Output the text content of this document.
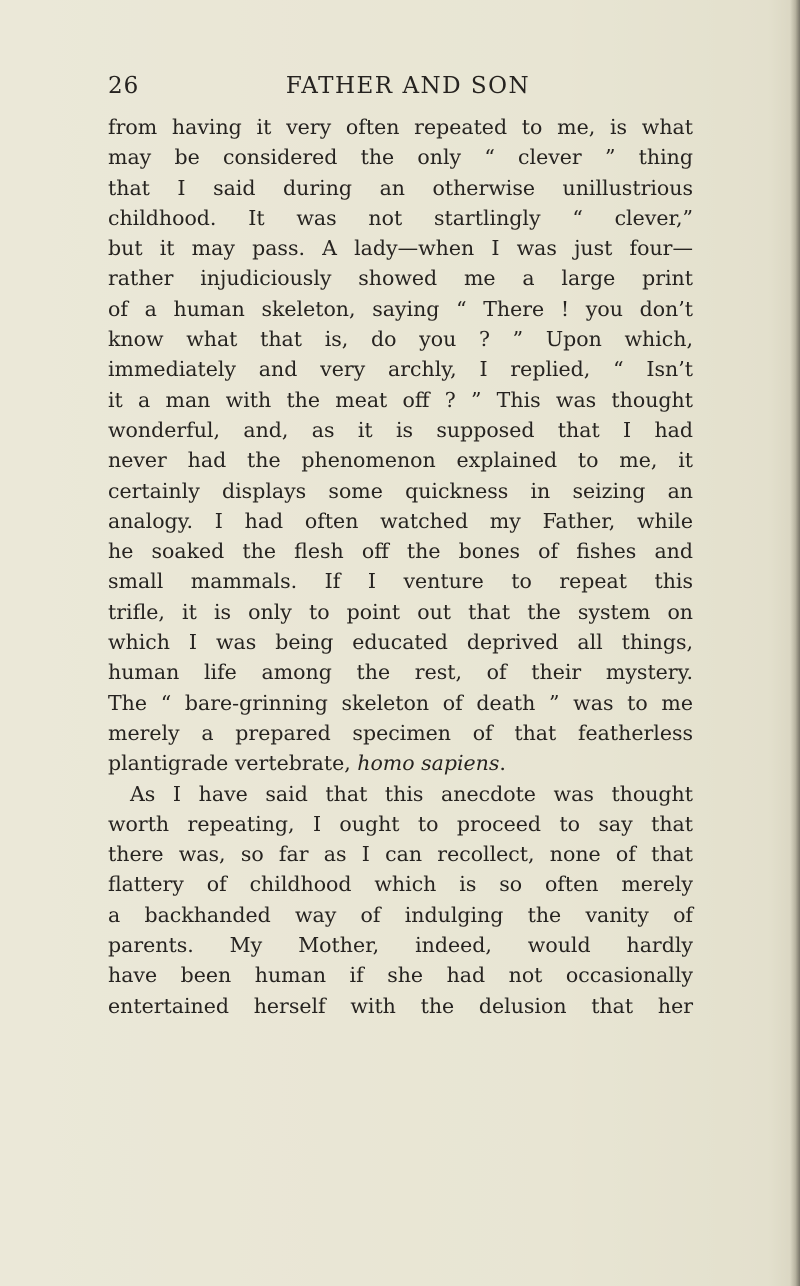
26	FATHER AND SON
from having it very often repeated to me, is what
may be considered the only “ clever ” thing
that I said during an otherwise unillustrious
childhood. It was not startlingly “ clever,”
but it may pass. A lady—when I was just four—
rather injudiciously showed me a large print
of a human skeleton, saying “ There ! you don’t
know what that is, do you ? ” Upon which,
immediately and very archly, I replied, “ Isn’t
it a man with the meat off ? ” This was thought
wonderful, and, as it is supposed that I had
never had the phenomenon explained to me, it
certainly displays some quickness in seizing an
analogy. I had often watched my Father, while
he soaked the flesh off the bones of fishes and
small mammals. If I venture to repeat this
trifle, it is only to point out that the system on
which I was being educated deprived all things,
human life among the rest, of their mystery.
The “ bare-grinning skeleton of death ” was to me
merely a prepared specimen of that featherless
plantigrade vertebrate, homo sapiens.
As I have said that this anecdote was thought
worth repeating, I ought to proceed to say that
there was, so far as I can recollect, none of that
flattery of childhood which is so often merely
a backhanded way of indulging the vanity of
parents. My Mother, indeed, would hardly
have been human if she had not occasionally
entertained herself with the delusion that her
